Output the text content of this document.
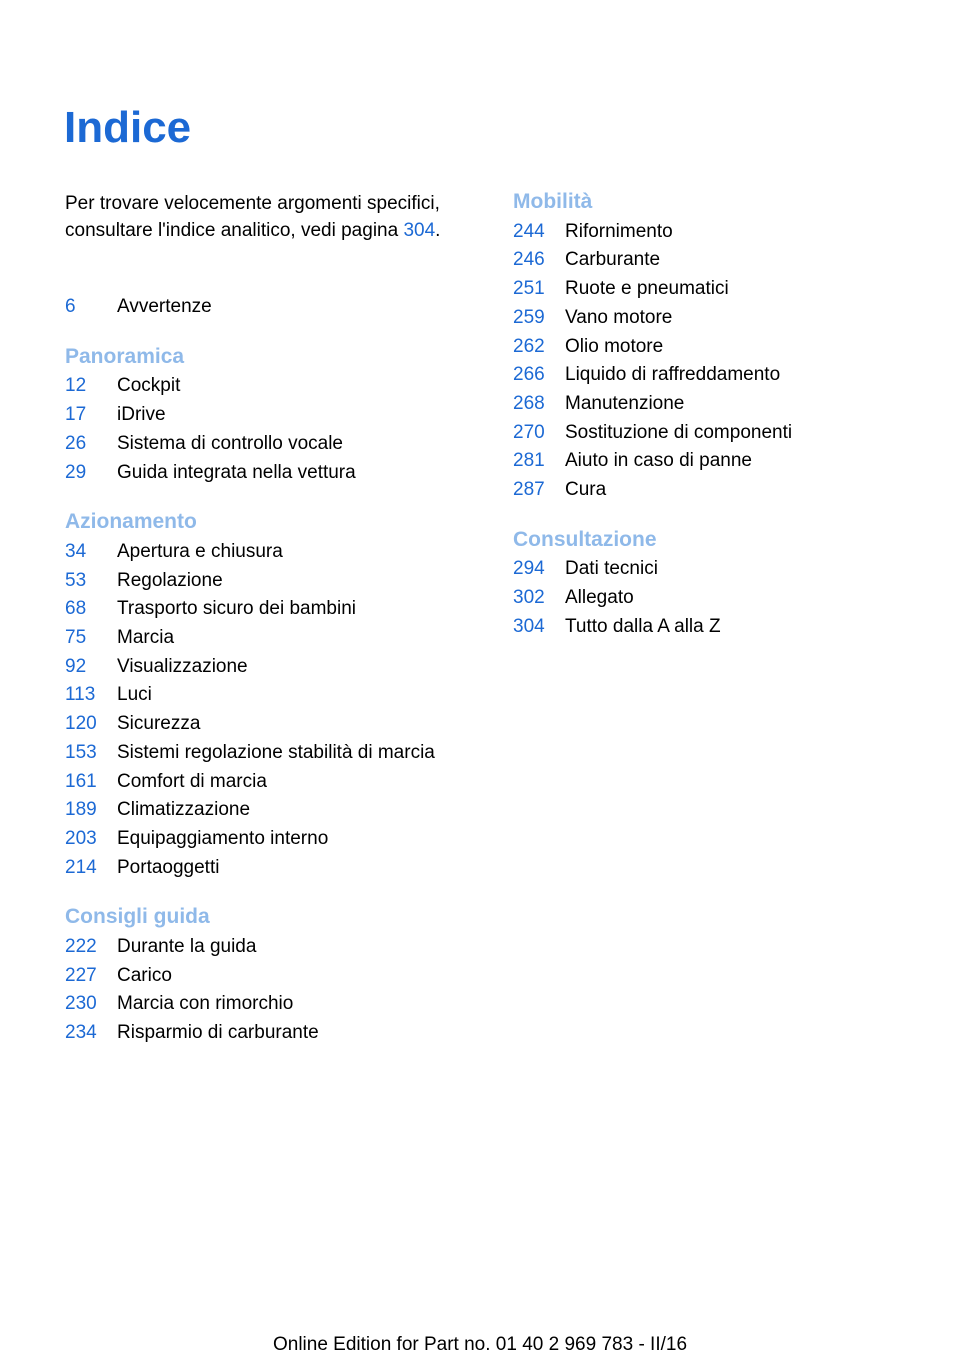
Indice
Per trovare velocemente argomenti specifici, consultare l'indice analitico, vedi pagina 304.
6 Avvertenze
Panoramica
12 Cockpit
17 iDrive
26 Sistema di controllo vocale
29 Guida integrata nella vettura
Azionamento
34 Apertura e chiusura
53 Regolazione
68 Trasporto sicuro dei bambini
75 Marcia
92 Visualizzazione
113 Luci
120 Sicurezza
153 Sistemi regolazione stabilità di marcia
161 Comfort di marcia
189 Climatizzazione
203 Equipaggiamento interno
214 Portaoggetti
Consigli guida
222 Durante la guida
227 Carico
230 Marcia con rimorchio
234 Risparmio di carburante
Mobilità
244 Rifornimento
246 Carburante
251 Ruote e pneumatici
259 Vano motore
262 Olio motore
266 Liquido di raffreddamento
268 Manutenzione
270 Sostituzione di componenti
281 Aiuto in caso di panne
287 Cura
Consultazione
294 Dati tecnici
302 Allegato
304 Tutto dalla A alla Z
Online Edition for Part no. 01 40 2 969 783 - II/16
